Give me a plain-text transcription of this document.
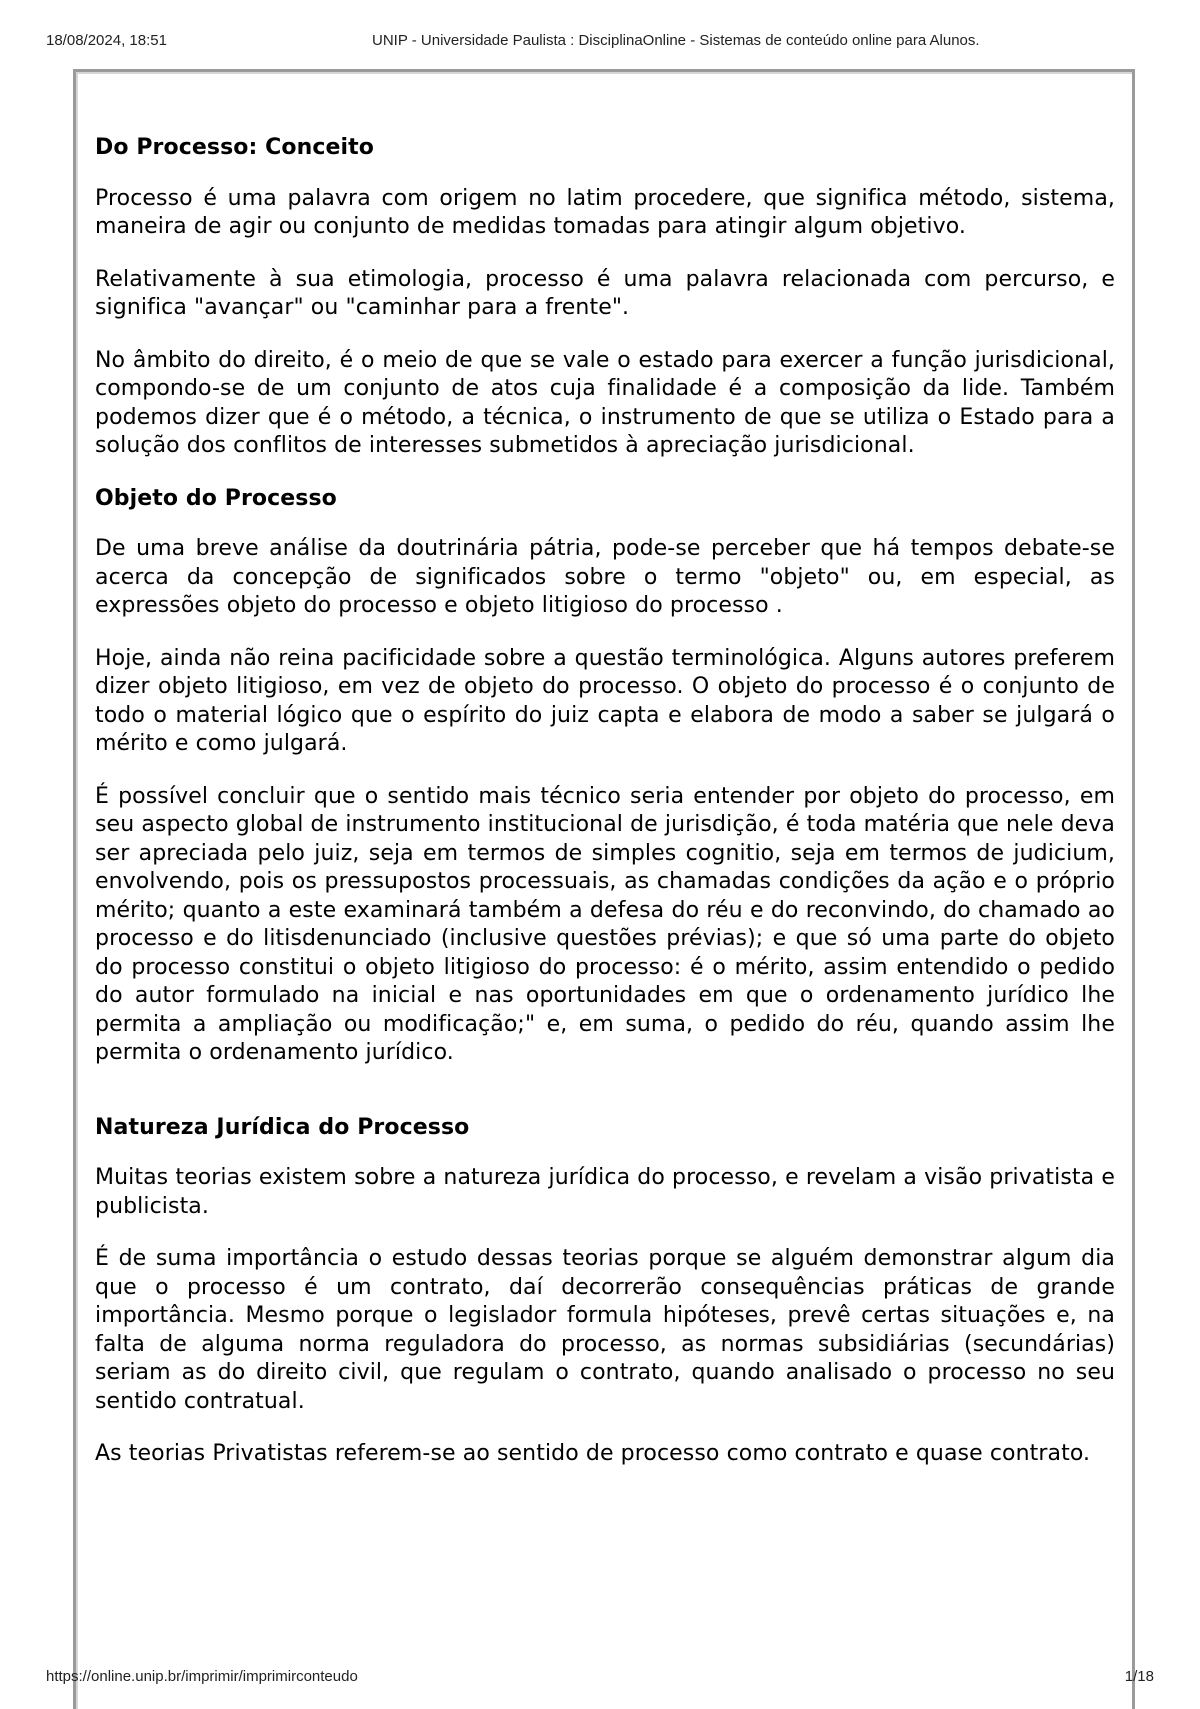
18/08/2024, 18:51	UNIP - Universidade Paulista : DisciplinaOnline - Sistemas de conteúdo online para Alunos.
Do Processo: Conceito

Processo é uma palavra com origem no latim procedere, que significa método, sistema, maneira de agir ou conjunto de medidas tomadas para atingir algum objetivo.

Relativamente à sua etimologia, processo é uma palavra relacionada com percurso, e significa "avançar" ou "caminhar para a frente".

No âmbito do direito, é o meio de que se vale o estado para exercer a função jurisdicional, compondo-se de um conjunto de atos cuja finalidade é a composição da lide. Também podemos dizer que é o método, a técnica, o instrumento de que se utiliza o Estado para a solução dos conflitos de interesses submetidos à apreciação jurisdicional.

Objeto do Processo

De uma breve análise da doutrinária pátria, pode-se perceber que há tempos debate-se acerca da concepção de significados sobre o termo "objeto" ou, em especial, as expressões objeto do processo e objeto litigioso do processo .

Hoje, ainda não reina pacificidade sobre a questão terminológica. Alguns autores preferem dizer objeto litigioso, em vez de objeto do processo. O objeto do processo é o conjunto de todo o material lógico que o espírito do juiz capta e elabora de modo a saber se julgará o mérito e como julgará.

É possível concluir que o sentido mais técnico seria entender por objeto do processo, em seu aspecto global de instrumento institucional de jurisdição, é toda matéria que nele deva ser apreciada pelo juiz, seja em termos de simples cognitio, seja em termos de judicium, envolvendo, pois os pressupostos processuais, as chamadas condições da ação e o próprio mérito; quanto a este examinará também a defesa do réu e do reconvindo, do chamado ao processo e do litisdenunciado (inclusive questões prévias); e que só uma parte do objeto do processo constitui o objeto litigioso do processo: é o mérito, assim entendido o pedido do autor formulado na inicial e nas oportunidades em que o ordenamento jurídico lhe permita a ampliação ou modificação;" e, em suma, o pedido do réu, quando assim lhe permita o ordenamento jurídico.

Natureza Jurídica do Processo

Muitas teorias existem sobre a natureza jurídica do processo, e revelam a visão privatista e publicista.

É de suma importância o estudo dessas teorias porque se alguém demonstrar algum dia que o processo é um contrato, daí decorrerão consequências práticas de grande importância. Mesmo porque o legislador formula hipóteses, prevê certas situações e, na falta de alguma norma reguladora do processo, as normas subsidiárias (secundárias) seriam as do direito civil, que regulam o contrato, quando analisado o processo no seu sentido contratual.

As teorias Privatistas referem-se ao sentido de processo como contrato e quase contrato.

https://online.unip.br/imprimir/imprimirconteudo	1/18
